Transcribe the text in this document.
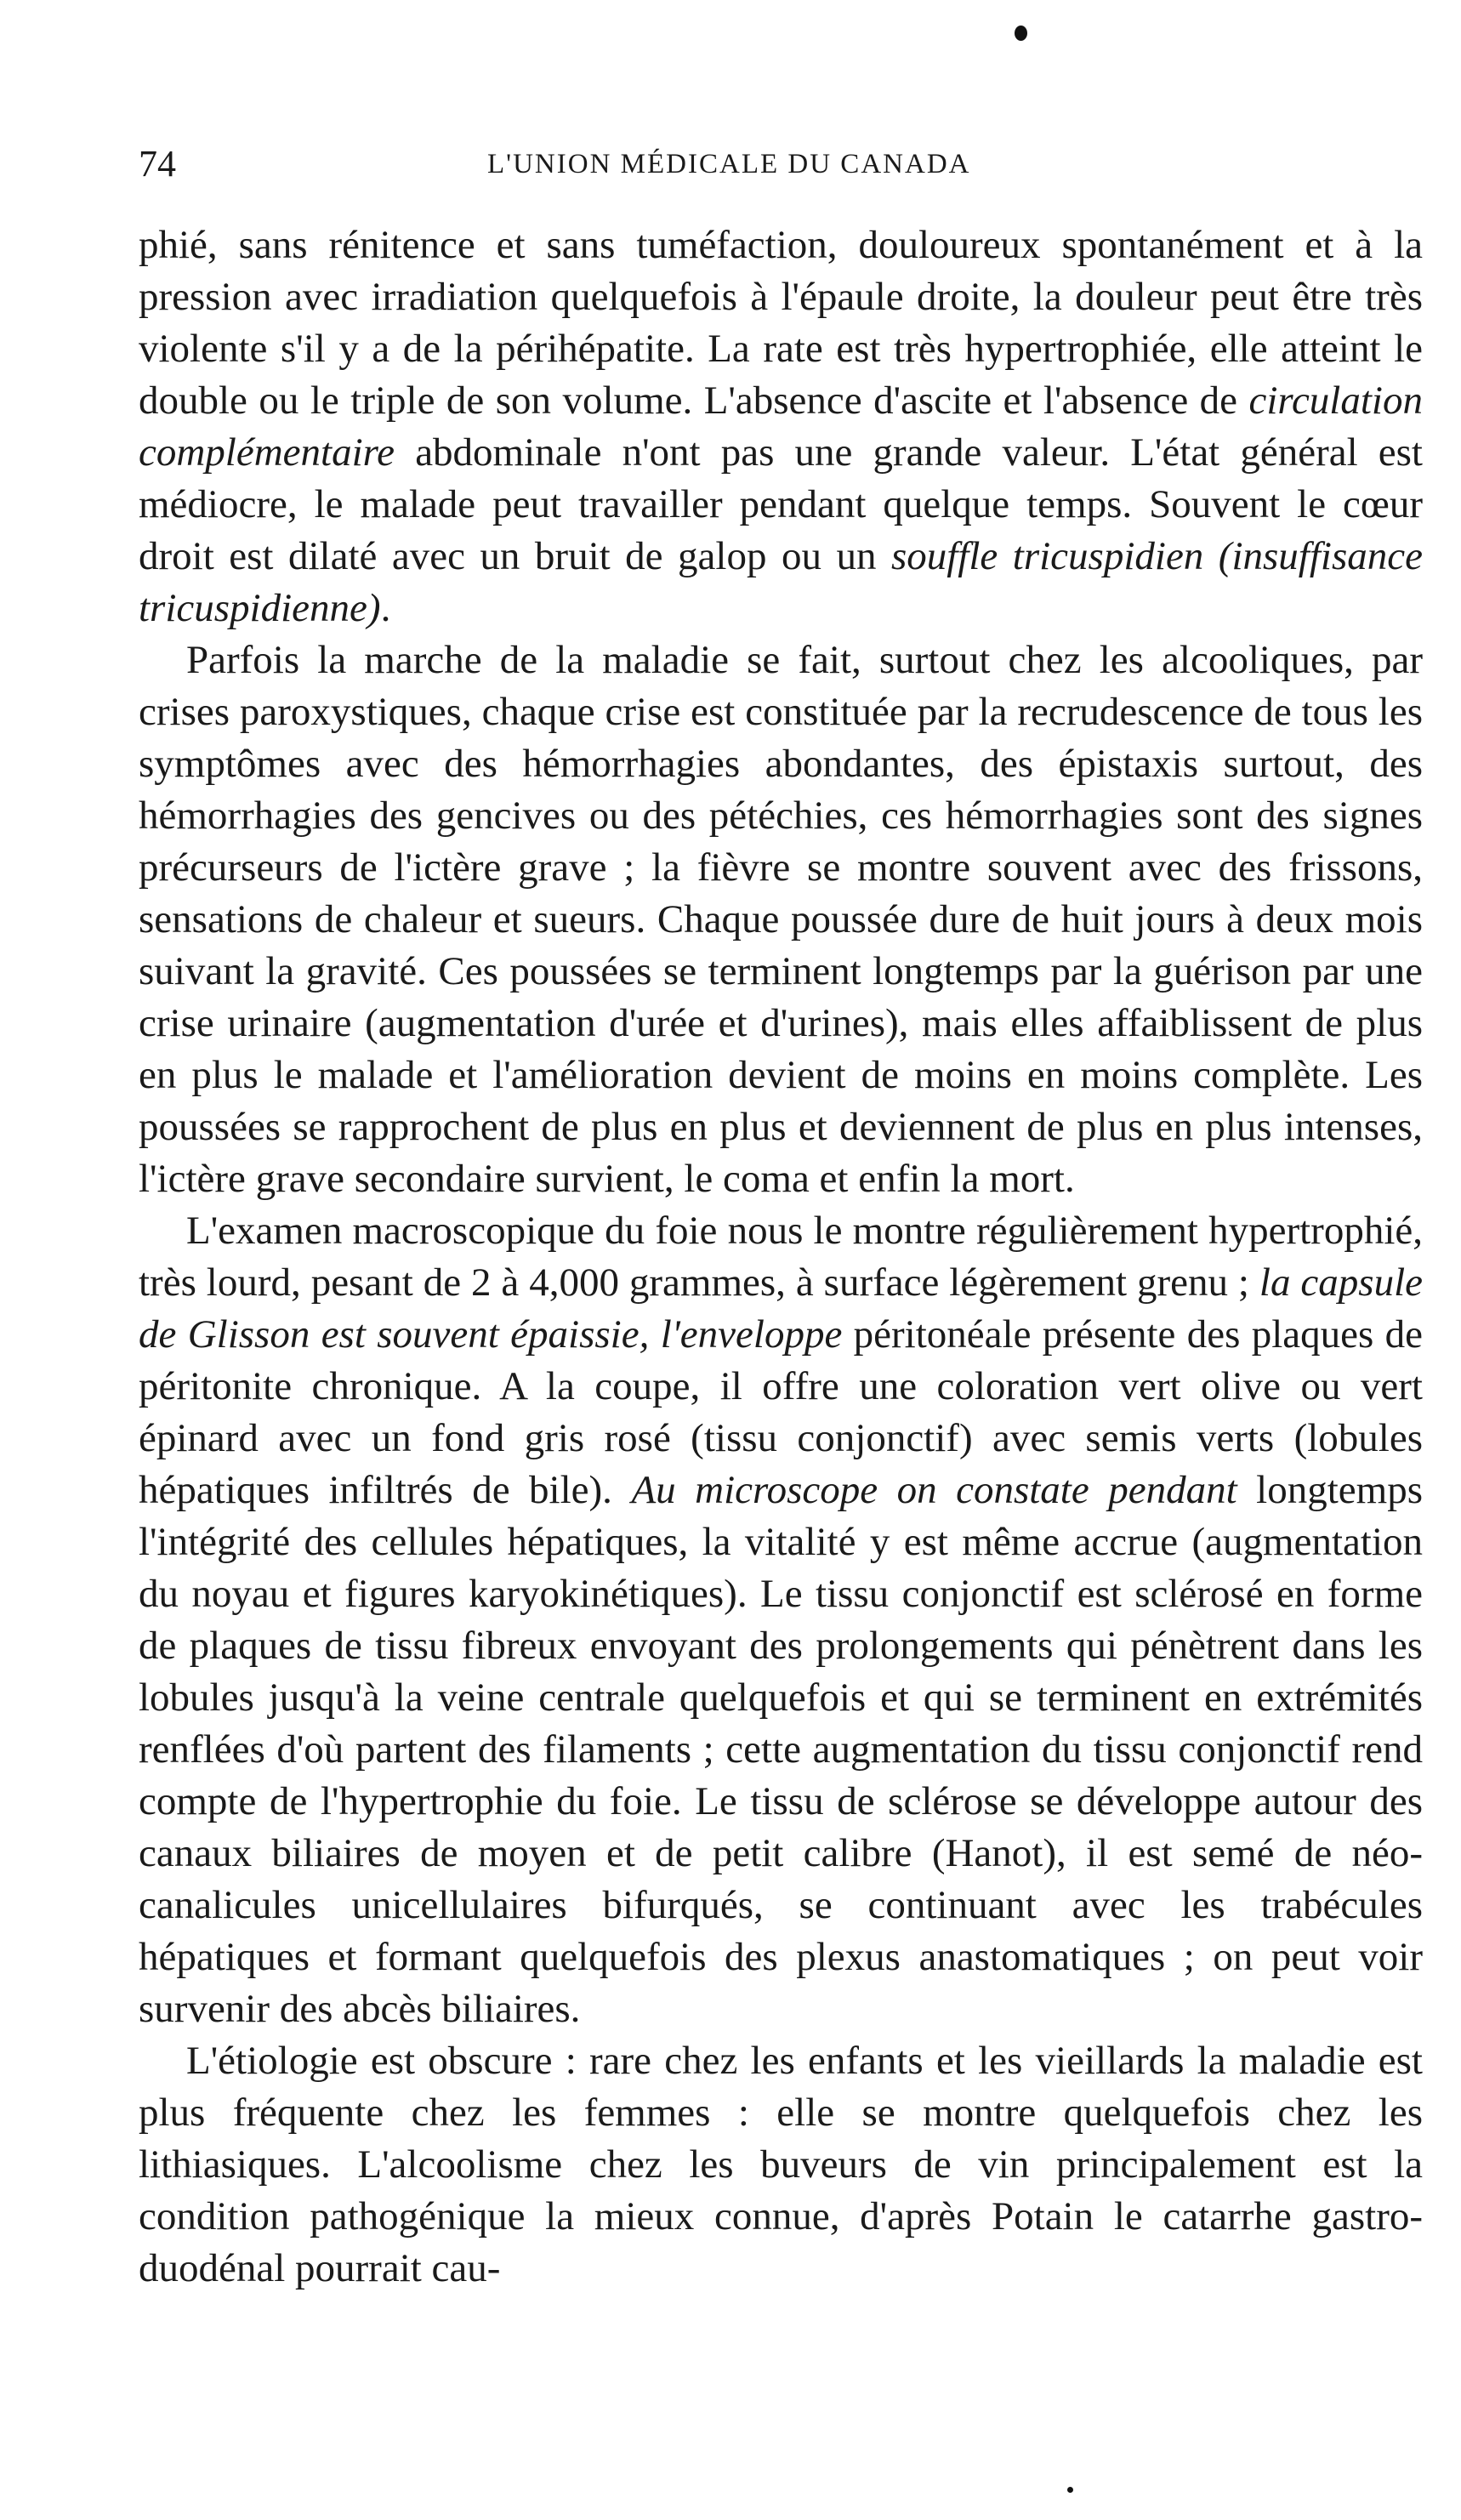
74	L'UNION MÉDICALE DU CANADA

phié, sans rénitence et sans tuméfaction, douloureux spontanément et à la pression avec irradiation quelquefois à l'épaule droite, la douleur peut être très violente s'il y a de la périhépatite. La rate est très hypertrophiée, elle atteint le double ou le triple de son volume. L'absence d'ascite et l'absence de circulation complémentaire abdominale n'ont pas une grande valeur. L'état général est médiocre, le malade peut travailler pendant quelque temps. Souvent le cœur droit est dilaté avec un bruit de galop ou un souffle tricuspidien (insuffisance tricuspidienne).

Parfois la marche de la maladie se fait, surtout chez les alcooliques, par crises paroxystiques, chaque crise est constituée par la recrudescence de tous les symptômes avec des hémorrhagies abondantes, des épistaxis surtout, des hémorrhagies des gencives ou des pétéchies, ces hémorrhagies sont des signes précurseurs de l'ictère grave ; la fièvre se montre souvent avec des frissons, sensations de chaleur et sueurs. Chaque poussée dure de huit jours à deux mois suivant la gravité. Ces poussées se terminent longtemps par la guérison par une crise urinaire (augmentation d'urée et d'urines), mais elles affaiblissent de plus en plus le malade et l'amélioration devient de moins en moins complète. Les poussées se rapprochent de plus en plus et deviennent de plus en plus intenses, l'ictère grave secondaire survient, le coma et enfin la mort.

L'examen macroscopique du foie nous le montre régulièrement hypertrophié, très lourd, pesant de 2 à 4,000 grammes, à surface légèrement grenu ; la capsule de Glisson est souvent épaissie, l'enveloppe péritonéale présente des plaques de péritonite chronique. A la coupe, il offre une coloration vert olive ou vert épinard avec un fond gris rosé (tissu conjonctif) avec semis verts (lobules hépatiques infiltrés de bile). Au microscope on constate pendant longtemps l'intégrité des cellules hépatiques, la vitalité y est même accrue (augmentation du noyau et figures karyokinétiques). Le tissu conjonctif est sclérosé en forme de plaques de tissu fibreux envoyant des prolongements qui pénètrent dans les lobules jusqu'à la veine centrale quelquefois et qui se terminent en extrémités renflées d'où partent des filaments ; cette augmentation du tissu conjonctif rend compte de l'hypertrophie du foie. Le tissu de sclérose se développe autour des canaux biliaires de moyen et de petit calibre (Hanot), il est semé de néo-canalicules unicellulaires bifurqués, se continuant avec les trabécules hépatiques et formant quelquefois des plexus anastomatiques ; on peut voir survenir des abcès biliaires.

L'étiologie est obscure : rare chez les enfants et les vieillards la maladie est plus fréquente chez les femmes : elle se montre quelquefois chez les lithiasiques. L'alcoolisme chez les buveurs de vin principalement est la condition pathogénique la mieux connue, d'après Potain le catarrhe gastro-duodénal pourrait cau-
